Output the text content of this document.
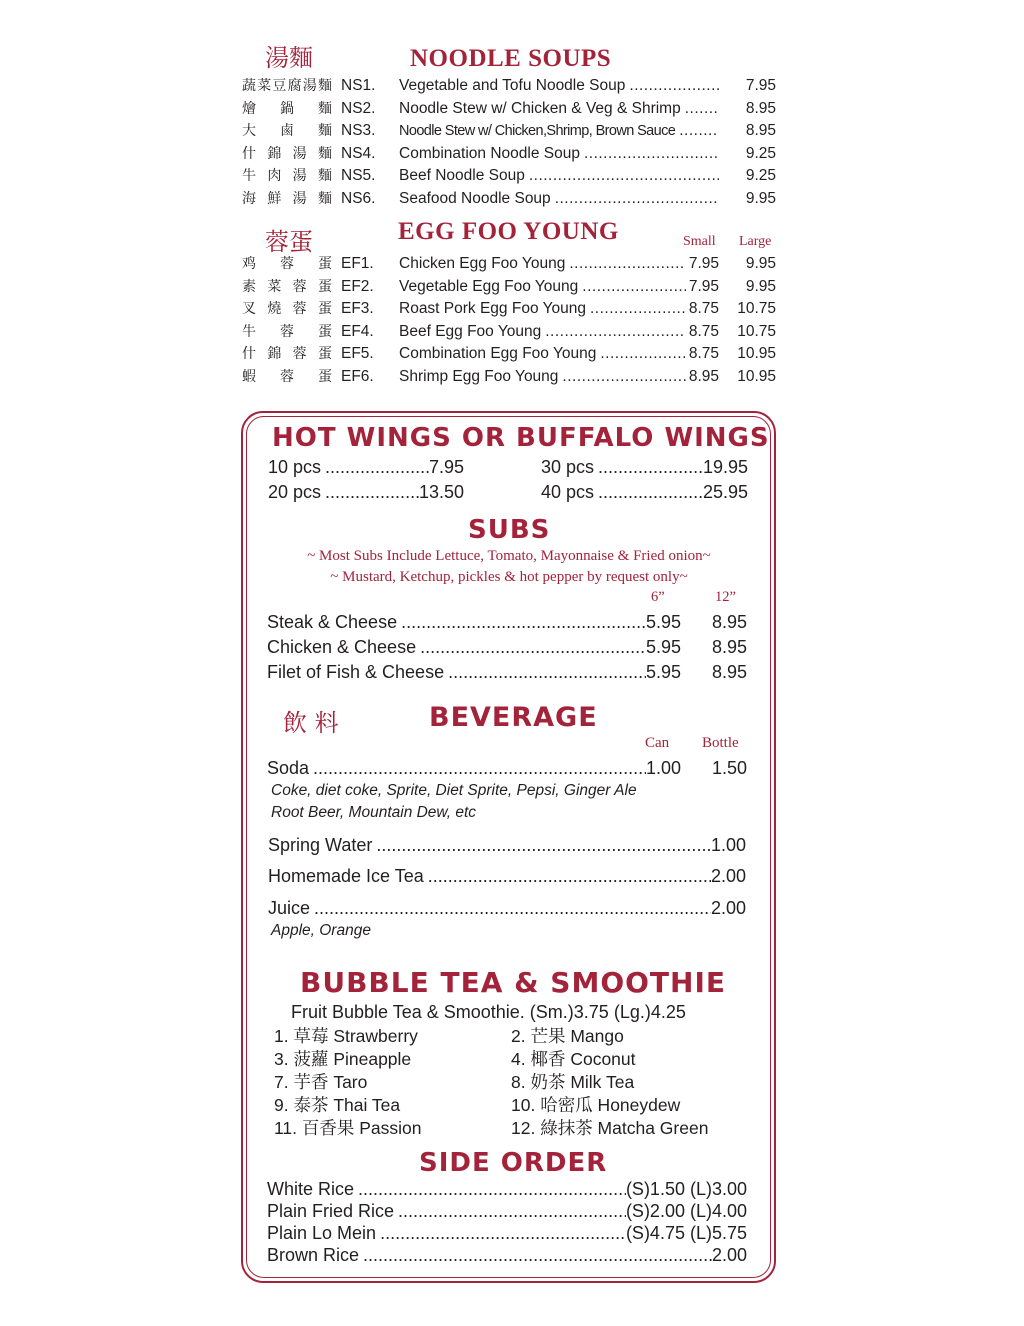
湯麵	NOODLE SOUPS
蔬 菜 豆 腐 湯 麵 NS1. Vegetable and Tofu Noodle Soup .....	7.95
燴 鍋 麵 NS2. Noodle Stew w/ Chicken & Veg & Shrimp .....	8.95
大 鹵 麵 NS3. Noodle Stew w/ Chicken,Shrimp, Brown Sauce .....	8.95
什 錦 湯 麵 NS4. Combination Noodle Soup .....	9.25
牛 肉 湯 麵 NS5. Beef Noodle Soup .....	9.25
海 鮮 湯 麵 NS6. Seafood Noodle Soup .....	9.95
蓉蛋	EGG FOO YOUNG	Small Large
鸡 蓉 蛋 EF1. Chicken Egg Foo Young .....	7.95	9.95
素 菜 蓉 蛋 EF2. Vegetable Egg Foo Young .....	7.95	9.95
叉 燒 蓉 蛋 EF3. Roast Pork Egg Foo Young .....	8.75	10.75
牛 蓉 蛋 EF4. Beef Egg Foo Young .....	8.75	10.75
什 錦 蓉 蛋 EF5. Combination Egg Foo Young .....	8.75	10.95
蝦 蓉 蛋 EF6. Shrimp Egg Foo Young .....	8.95	10.95
HOT WINGS OR BUFFALO WINGS
10 pcs .....	7.95
20 pcs .....	13.50
30 pcs .....	19.95
40 pcs .....	25.95
SUBS
~ Most Subs Include Lettuce, Tomato, Mayonnaise & Fried onion~
~ Mustard, Ketchup, pickles & hot pepper by request only~
6”	12”
Steak & Cheese .....	5.95	8.95
Chicken & Cheese .....	5.95	8.95
Filet of Fish & Cheese .....	5.95	8.95
飲 料	BEVERAGE
Can Bottle
Soda .....	1.00	1.50
Coke, diet coke, Sprite, Diet Sprite, Pepsi, Ginger Ale
Root Beer, Mountain Dew, etc
Spring Water .....	1.00
Homemade Ice Tea .....	2.00
Juice .....	2.00
Apple, Orange
BUBBLE TEA & SMOOTHIE
Fruit Bubble Tea & Smoothie. (Sm.)3.75 (Lg.)4.25
1. 草莓 Strawberry	2. 芒果 Mango
3. 菠蘿 Pineapple	4. 椰香 Coconut
7. 芋香 Taro	8. 奶茶 Milk Tea
9. 泰茶 Thai Tea	10. 哈密瓜 Honeydew
11. 百香果 Passion	12. 綠抹茶 Matcha Green
SIDE ORDER
White Rice .....	(S)1.50 (L)3.00
Plain Fried Rice .....	(S)2.00 (L)4.00
Plain Lo Mein .....	(S)4.75 (L)5.75
Brown Rice .....	2.00
